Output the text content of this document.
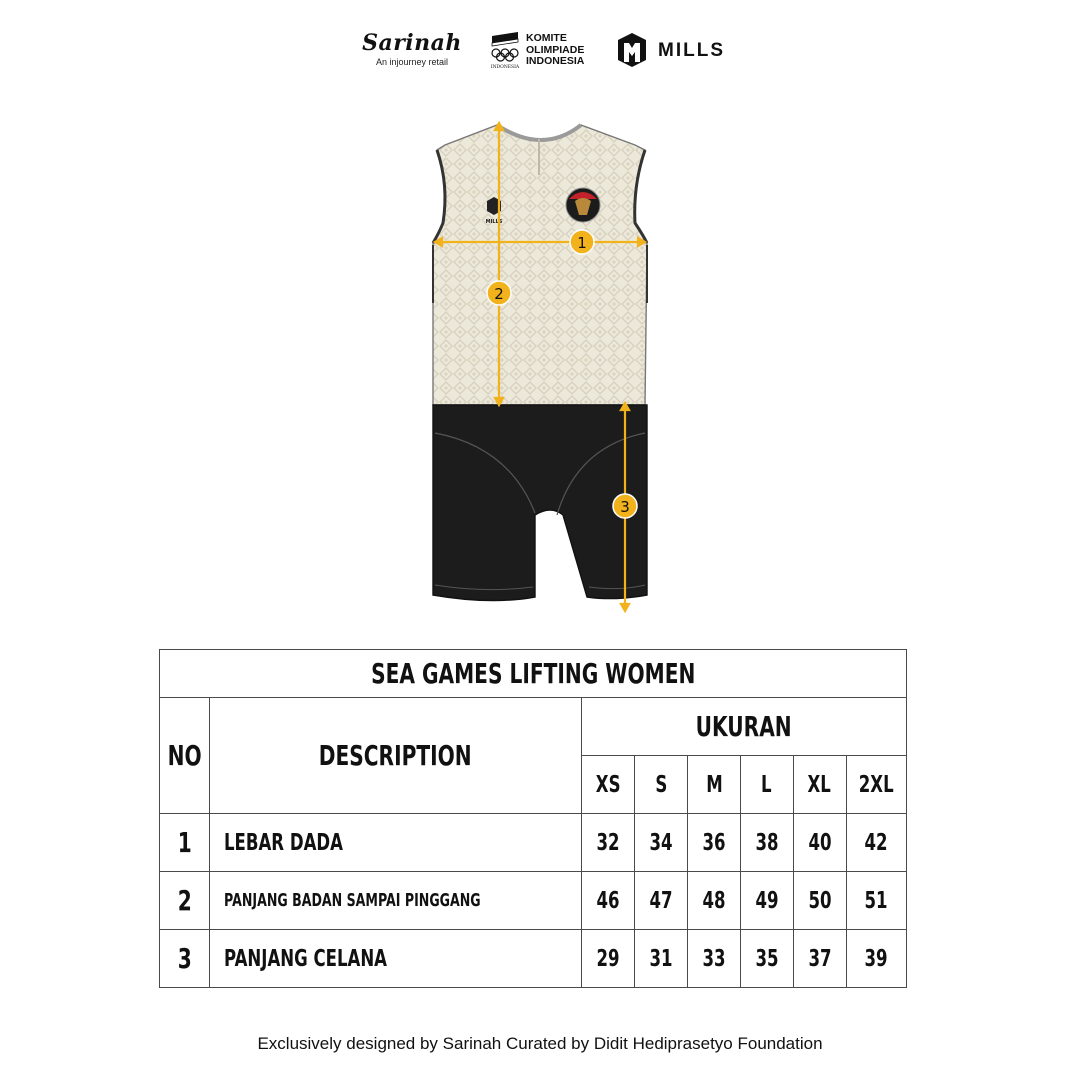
Sarinah
An injourney retail
INDONESIA
KOMITE
OLIMPIADE
INDONESIA	MILLS
MILLS
1
2
3
SEA GAMES LIFTING WOMEN							
NO	DESCRIPTION	UKURAN					
		XS	S	M	L	XL	2XL
1	LEBAR DADA	32	34	36	38	40	42
2	PANJANG BADAN SAMPAI PINGGANG	46	47	48	49	50	51
3	PANJANG CELANA	29	31	33	35	37	39
Exclusively designed by Sarinah Curated by Didit Hediprasetyo Foundation
